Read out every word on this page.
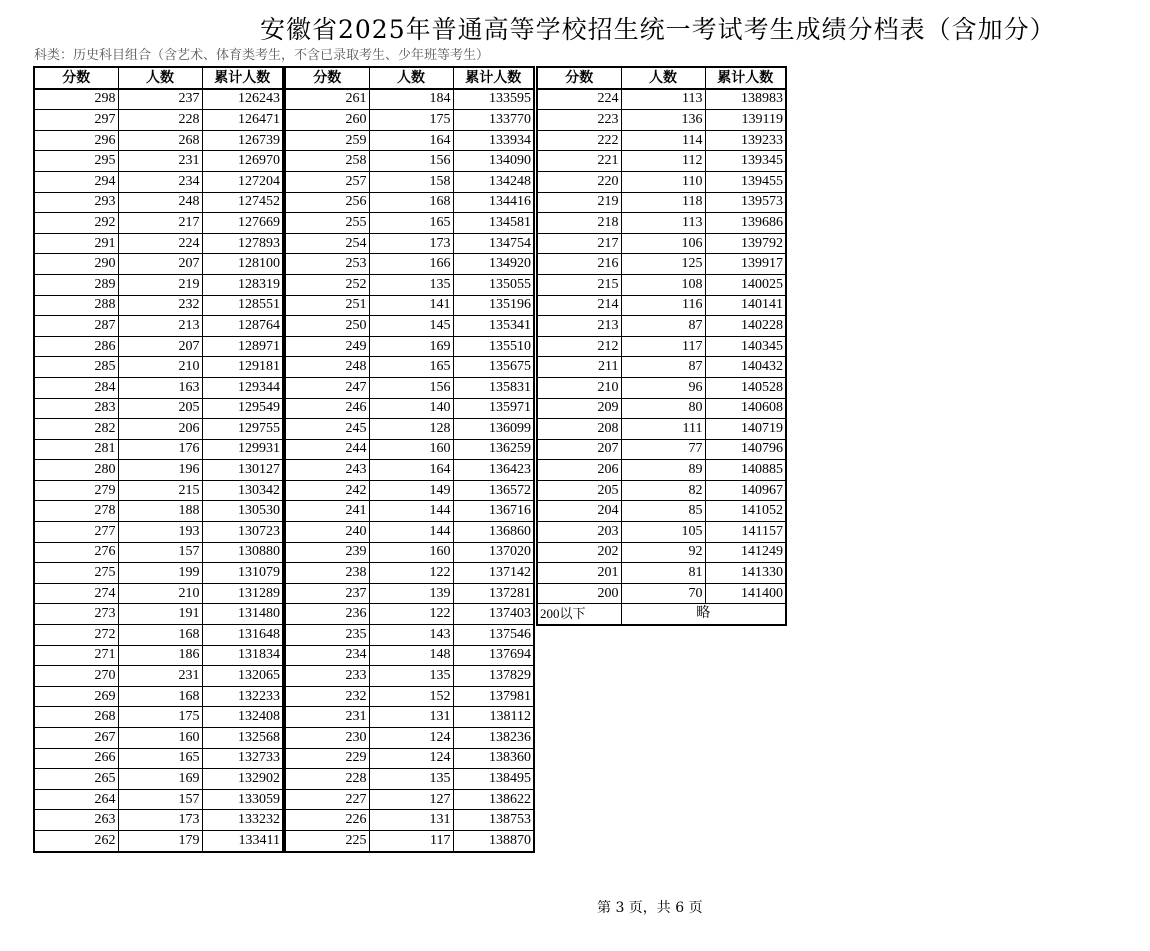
安徽省2025年普通高等学校招生统一考试考生成绩分档表（含加分）
科类：历史科目组合（含艺术、体育类考生，不含已录取考生、少年班等考生）
分数	人数	累计人数
298	237	126243
297	228	126471
296	268	126739
295	231	126970
294	234	127204
293	248	127452
292	217	127669
291	224	127893
290	207	128100
289	219	128319
288	232	128551
287	213	128764
286	207	128971
285	210	129181
284	163	129344
283	205	129549
282	206	129755
281	176	129931
280	196	130127
279	215	130342
278	188	130530
277	193	130723
276	157	130880
275	199	131079
274	210	131289
273	191	131480
272	168	131648
271	186	131834
270	231	132065
269	168	132233
268	175	132408
267	160	132568
266	165	132733
265	169	132902
264	157	133059
263	173	133232
262	179	133411
分数	人数	累计人数
261	184	133595
260	175	133770
259	164	133934
258	156	134090
257	158	134248
256	168	134416
255	165	134581
254	173	134754
253	166	134920
252	135	135055
251	141	135196
250	145	135341
249	169	135510
248	165	135675
247	156	135831
246	140	135971
245	128	136099
244	160	136259
243	164	136423
242	149	136572
241	144	136716
240	144	136860
239	160	137020
238	122	137142
237	139	137281
236	122	137403
235	143	137546
234	148	137694
233	135	137829
232	152	137981
231	131	138112
230	124	138236
229	124	138360
228	135	138495
227	127	138622
226	131	138753
225	117	138870
分数	人数	累计人数
224	113	138983
223	136	139119
222	114	139233
221	112	139345
220	110	139455
219	118	139573
218	113	139686
217	106	139792
216	125	139917
215	108	140025
214	116	140141
213	87	140228
212	117	140345
211	87	140432
210	96	140528
209	80	140608
208	111	140719
207	77	140796
206	89	140885
205	82	140967
204	85	141052
203	105	141157
202	92	141249
201	81	141330
200	70	141400
200以下	略	
第 3 页，共 6 页
